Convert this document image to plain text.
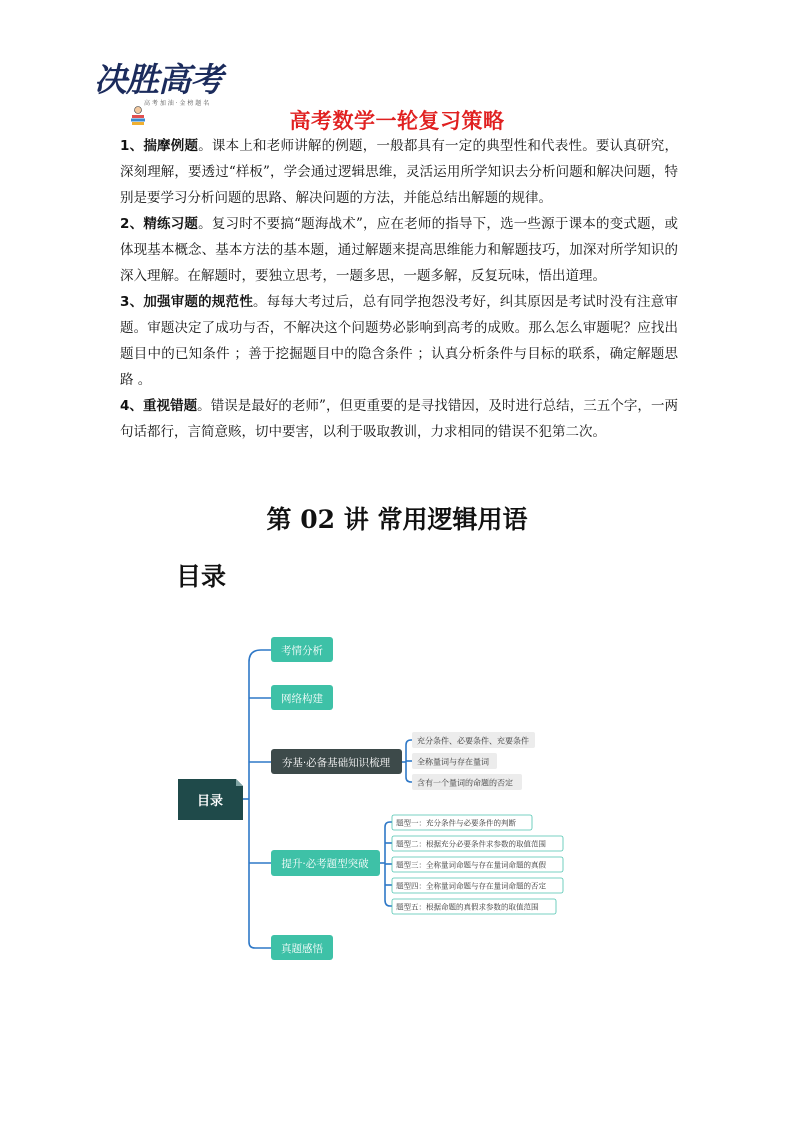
决胜高考
高 考 加 油 · 金 榜 题 名
高考数学一轮复习策略
1、揣摩例题。课本上和老师讲解的例题，一般都具有一定的典型性和代表性。要认真研究，深刻理解，要透过“样板”，学会通过逻辑思维，灵活运用所学知识去分析问题和解决问题，特别是要学习分析问题的思路、解决问题的方法，并能总结出解题的规律。
2、精练习题。复习时不要搞“题海战术”，应在老师的指导下，选一些源于课本的变式题，或体现基本概念、基本方法的基本题，通过解题来提高思维能力和解题技巧，加深对所学知识的深入理解。在解题时，要独立思考，一题多思，一题多解，反复玩味，悟出道理。
3、加强审题的规范性。每每大考过后，总有同学抱怨没考好，纠其原因是考试时没有注意审题。审题决定了成功与否，不解决这个问题势必影响到高考的成败。那么怎么审题呢？应找出题目中的已知条件 ；善于挖掘题目中的隐含条件 ；认真分析条件与目标的联系，确定解题思路 。
4、重视错题。错误是最好的老师”，但更重要的是寻找错因，及时进行总结，三五个字，一两句话都行，言简意赅，切中要害，以利于吸取教训，力求相同的错误不犯第二次。
第 02 讲 常用逻辑用语
目录
目录
考情分析
网络构建
夯基·必备基础知识梳理
提升·必考题型突破
真题感悟
充分条件、必要条件、充要条件
全称量词与存在量词
含有一个量词的命题的否定
题型一：充分条件与必要条件的判断
题型二：根据充分必要条件求参数的取值范围
题型三：全称量词命题与存在量词命题的真假
题型四：全称量词命题与存在量词命题的否定
题型五：根据命题的真假求参数的取值范围
